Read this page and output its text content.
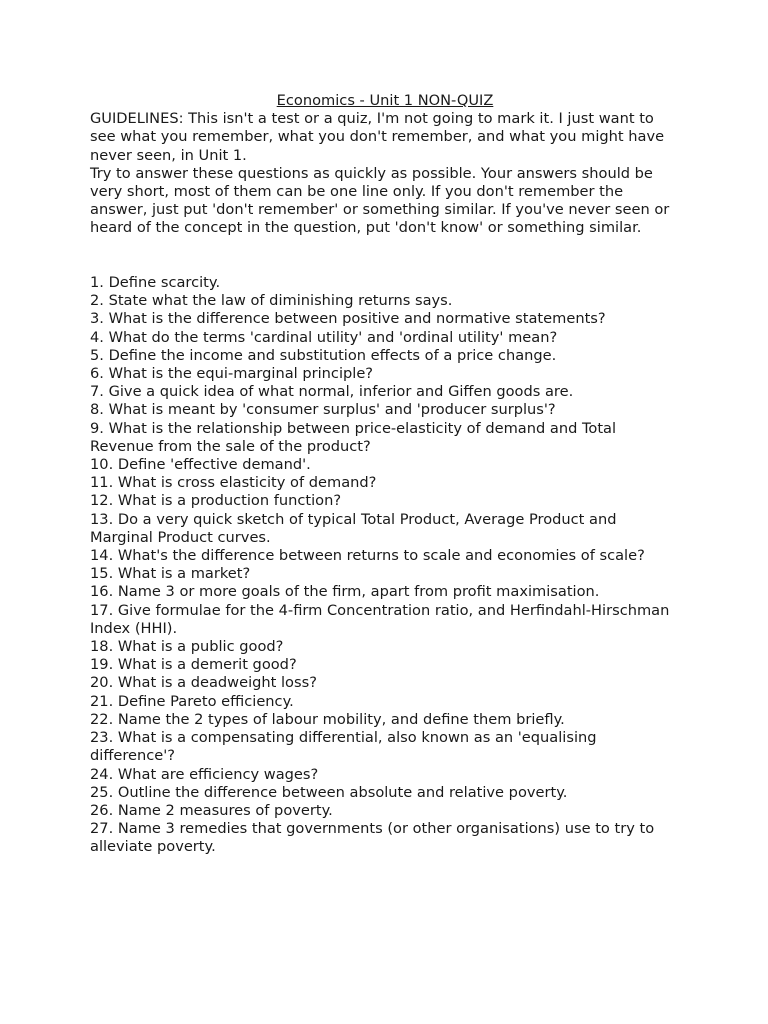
Economics - Unit 1 NON-QUIZ

GUIDELINES: This isn't a test or a quiz, I'm not going to mark it. I just want to see what you remember, what you don't remember, and what you might have never seen, in Unit 1.

Try to answer these questions as quickly as possible. Your answers should be very short, most of them can be one line only. If you don't remember the answer, just put 'don't remember' or something similar. If you've never seen or heard of the concept in the question, put 'don't know' or something similar.

1. Define scarcity.
2. State what the law of diminishing returns says.
3. What is the difference between positive and normative statements?
4. What do the terms 'cardinal utility' and 'ordinal utility' mean?
5. Define the income and substitution effects of a price change.
6. What is the equi-marginal principle?
7. Give a quick idea of what normal, inferior and Giffen goods are.
8. What is meant by 'consumer surplus' and 'producer surplus'?
9. What is the relationship between price-elasticity of demand and Total Revenue from the sale of the product?
10. Define 'effective demand'.
11. What is cross elasticity of demand?
12. What is a production function?
13. Do a very quick sketch of typical Total Product, Average Product and Marginal Product curves.
14. What's the difference between returns to scale and economies of scale?
15. What is a market?
16. Name 3 or more goals of the firm, apart from profit maximisation.
17. Give formulae for the 4-firm Concentration ratio, and Herfindahl-Hirschman Index (HHI).
18. What is a public good?
19. What is a demerit good?
20. What is a deadweight loss?
21. Define Pareto efficiency.
22. Name the 2 types of labour mobility, and define them briefly.
23. What is a compensating differential, also known as an 'equalising difference'?
24. What are efficiency wages?
25. Outline the difference between absolute and relative poverty.
26. Name 2 measures of poverty.
27. Name 3 remedies that governments (or other organisations) use to try to alleviate poverty.
